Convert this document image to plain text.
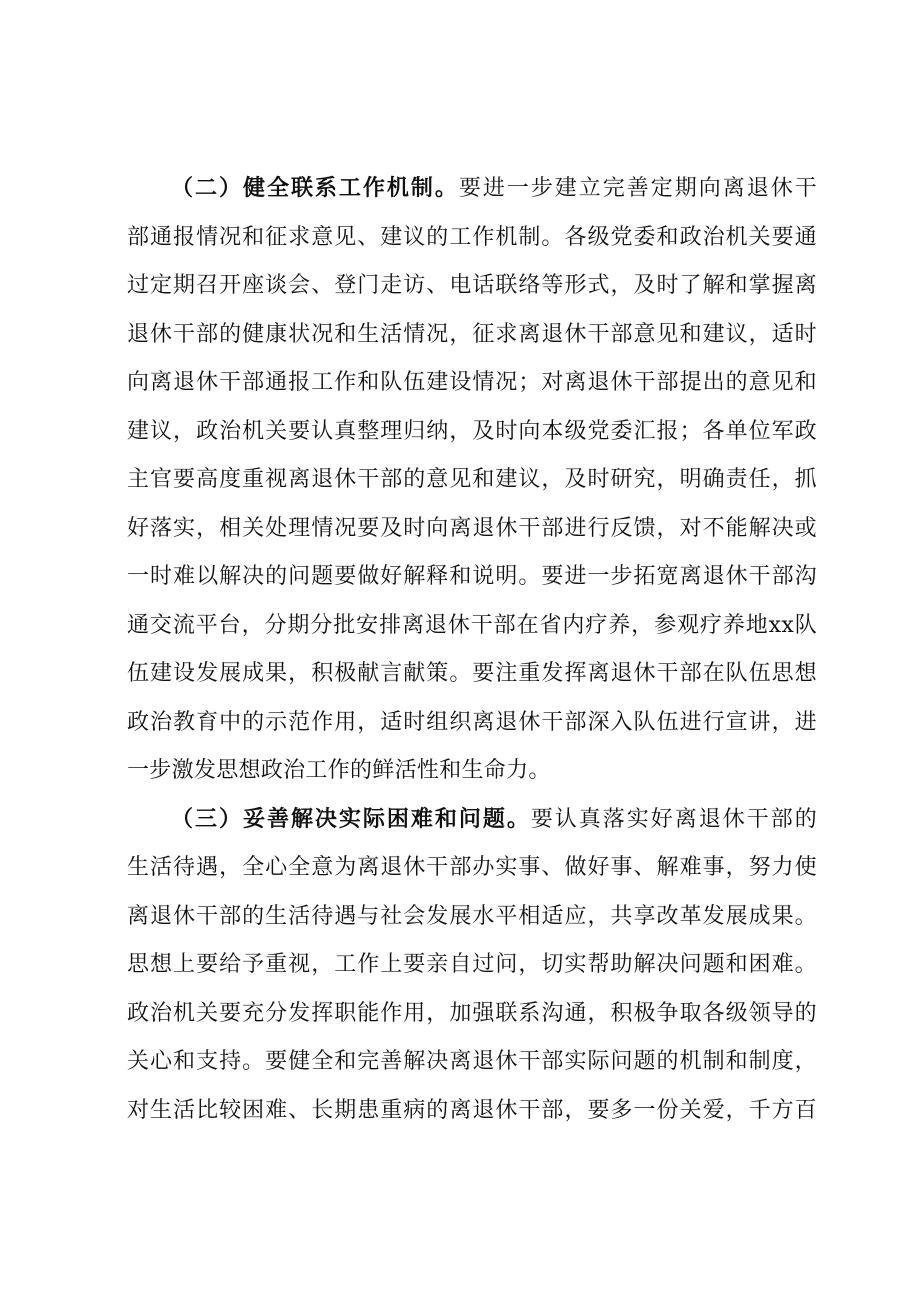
（二）健全联系工作机制。要进一步建立完善定期向离退休干
部通报情况和征求意见、建议的工作机制。各级党委和政治机关要通
过定期召开座谈会、登门走访、电话联络等形式，及时了解和掌握离
退休干部的健康状况和生活情况，征求离退休干部意见和建议，适时
向离退休干部通报工作和队伍建设情况；对离退休干部提出的意见和
建议，政治机关要认真整理归纳，及时向本级党委汇报；各单位军政
主官要高度重视离退休干部的意见和建议，及时研究，明确责任，抓
好落实，相关处理情况要及时向离退休干部进行反馈，对不能解决或
一时难以解决的问题要做好解释和说明。要进一步拓宽离退休干部沟
通交流平台，分期分批安排离退休干部在省内疗养，参观疗养地xx队
伍建设发展成果，积极献言献策。要注重发挥离退休干部在队伍思想
政治教育中的示范作用，适时组织离退休干部深入队伍进行宣讲，进
一步激发思想政治工作的鲜活性和生命力。
（三）妥善解决实际困难和问题。要认真落实好离退休干部的
生活待遇，全心全意为离退休干部办实事、做好事、解难事，努力使
离退休干部的生活待遇与社会发展水平相适应，共享改革发展成果。
思想上要给予重视，工作上要亲自过问，切实帮助解决问题和困难。
政治机关要充分发挥职能作用，加强联系沟通，积极争取各级领导的
关心和支持。要健全和完善解决离退休干部实际问题的机制和制度，
对生活比较困难、长期患重病的离退休干部，要多一份关爱，千方百
